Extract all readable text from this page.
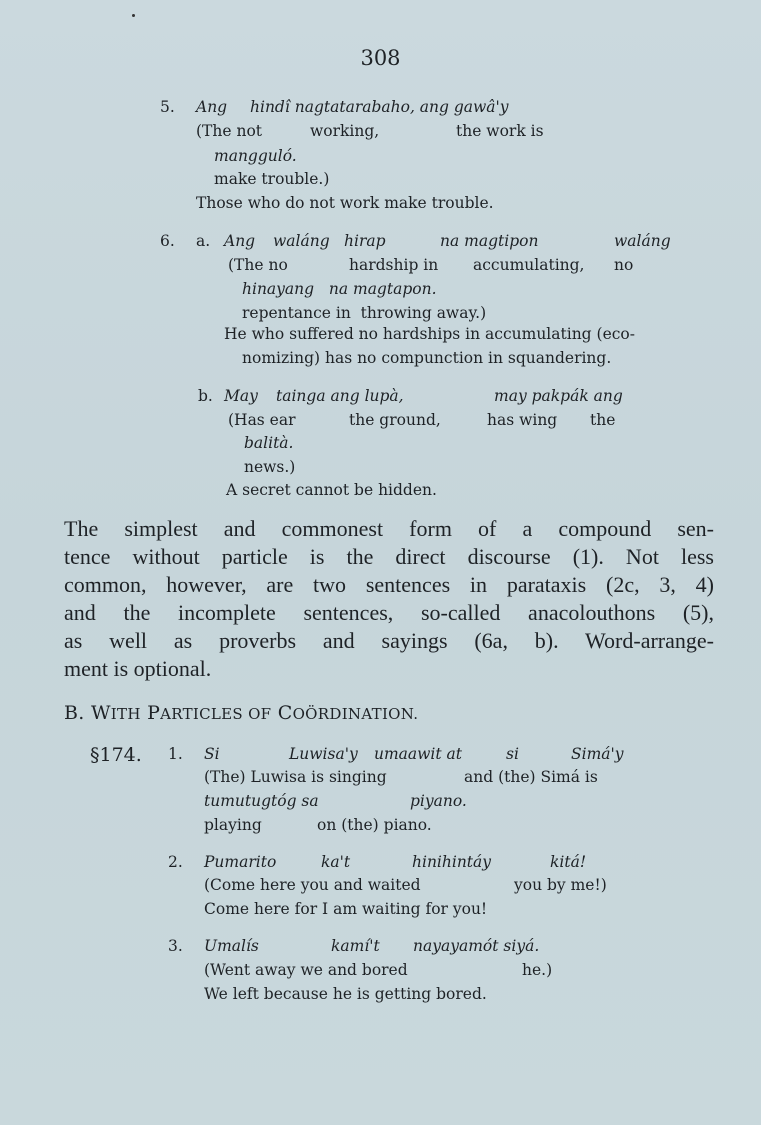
308
5. Ang hindî nagtatarabaho, ang gawâ'y
(The not	working,	the work is
mangguló.
make trouble.)
Those who do not work make trouble.
6. a. Ang waláng hirap	na magtipon	waláng
(The no	hardship in accumulating, no
hinayang   na magtapon.
repentance in  throwing away.)
He who suffered no hardships in accumulating (eco-
nomizing) has no compunction in squandering.
b. May tainga ang lupà,	may pakpák ang
(Has ear	the ground,	has wing the
balità.
news.)
A secret cannot be hidden.
The simplest and commonest form of a compound sen-
tence without particle is the direct discourse (1). Not less
common, however, are two sentences in parataxis (2c, 3, 4)
and the incomplete sentences, so-called anacolouthons (5),
as well as proverbs and sayings (6a, b). Word-arrange-
ment is optional.
B. WITH PARTICLES OF COÖRDINATION.
§174. 1. Si	Luwisa'y umaawit at	si	Simá'y
(The) Luwisa is singing	and (the) Simá is
tumutugtóg sa	piyano.
playing	on (the) piano.
2. Pumarito	ka't	hinihintáy	kitá!
(Come here you and waited	you by me!)
Come here for I am waiting for you!
3. Umalís	kamí't nayayamót siyá.
(Went away we and bored	he.)
We left because he is getting bored.
